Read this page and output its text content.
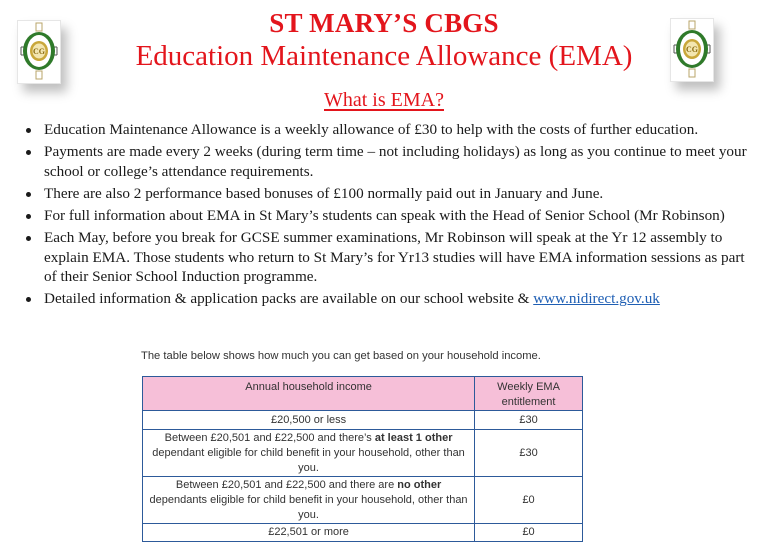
CG	CG
ST MARY’S CBGS
Education Maintenance Allowance (EMA)
What is EMA?
Education Maintenance Allowance is a weekly allowance of £30 to help with the costs of further education.
Payments are made every 2 weeks (during term time – not including holidays) as long as you continue to meet your school or college’s attendance requirements.
There are also 2 performance based bonuses of £100 normally paid out in January and June.
For full information about EMA in St Mary’s students can speak with the Head of Senior School (Mr Robinson)
Each May, before you break for GCSE summer examinations, Mr Robinson will speak at the Yr 12 assembly to explain EMA. Those students who return to St Mary’s for Yr13 studies will have EMA information sessions as part of their Senior School Induction programme.
Detailed information & application packs are available on our school website & www.nidirect.gov.uk
The table below shows how much you can get based on your household income.
Annual household income	Weekly EMA entitlement
£20,500 or less	£30
Between £20,501 and £22,500 and there’s at least 1 other dependant eligible for child benefit in your household, other than you.	£30
Between £20,501 and £22,500 and there are no other dependants eligible for child benefit in your household, other than you.	£0
£22,501 or more	£0
